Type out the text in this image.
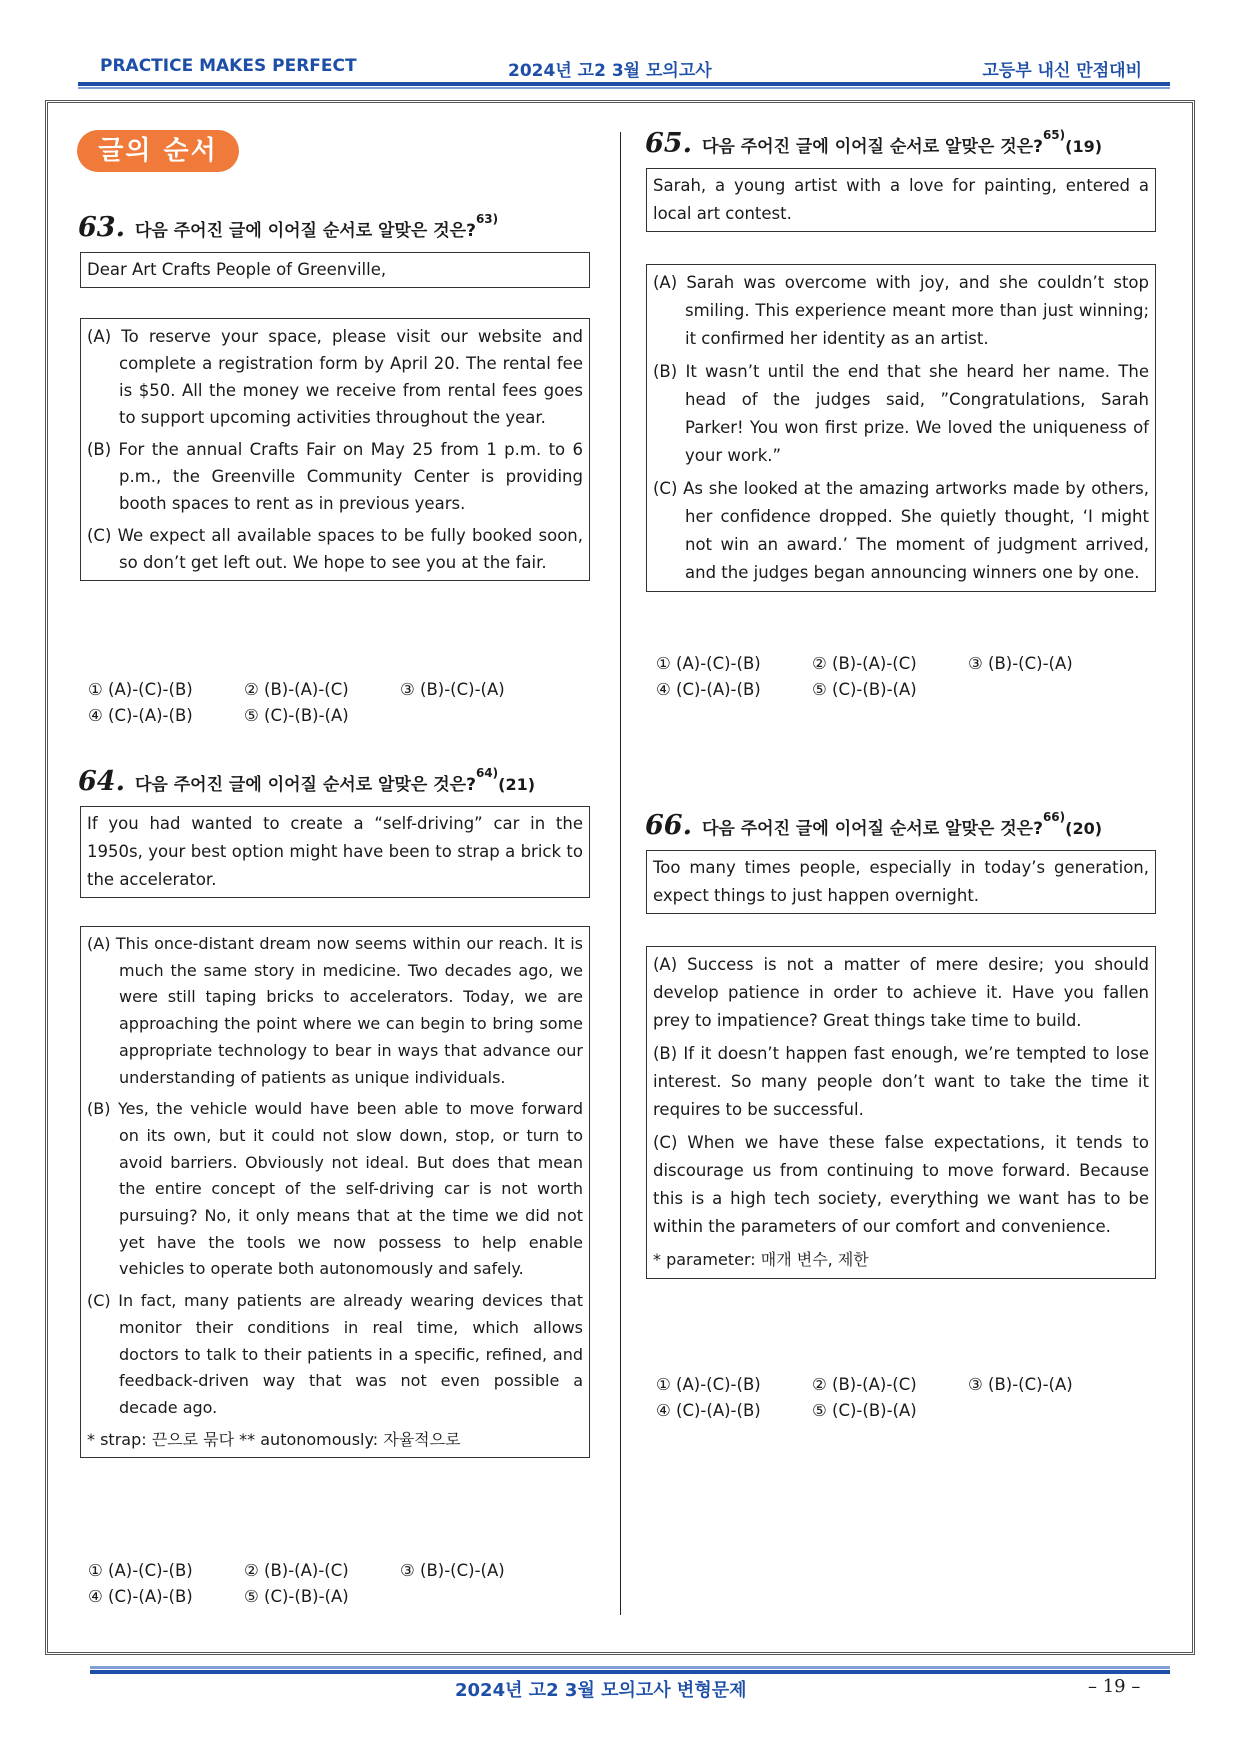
PRACTICE MAKES PERFECT	2024년 고2 3월 모의고사	고등부 내신 만점대비
글의 순서
63. 다음 주어진 글에 이어질 순서로 알맞은 것은?$^{63)}$
Dear Art Crafts People of Greenville,
(A) To reserve your space, please visit our website and complete a registration form by April 20. The rental fee is $50. All the money we receive from rental fees goes to support upcoming activities throughout the year.
(B) For the annual Crafts Fair on May 25 from 1 p.m. to 6 p.m., the Greenville Community Center is providing booth spaces to rent as in previous years.
(C) We expect all available spaces to be fully booked soon, so don’t get left out. We hope to see you at the fair.
① (A)-(C)-(B)	② (B)-(A)-(C)	③ (B)-(C)-(A)
④ (C)-(A)-(B)	⑤ (C)-(B)-(A)
64. 다음 주어진 글에 이어질 순서로 알맞은 것은?$^{64)}$(21)
If you had wanted to create a “self-driving” car in the 1950s, your best option might have been to strap a brick to the accelerator.
(A) This once-distant dream now seems within our reach. It is much the same story in medicine. Two decades ago, we were still taping bricks to accelerators. Today, we are approaching the point where we can begin to bring some appropriate technology to bear in ways that advance our understanding of patients as unique individuals.
(B) Yes, the vehicle would have been able to move forward on its own, but it could not slow down, stop, or turn to avoid barriers. Obviously not ideal. But does that mean the entire concept of the self-driving car is not worth pursuing? No, it only means that at the time we did not yet have the tools we now possess to help enable vehicles to operate both autonomously and safely.
(C) In fact, many patients are already wearing devices that monitor their conditions in real time, which allows doctors to talk to their patients in a specific, refined, and feedback-driven way that was not even possible a decade ago.
* strap: 끈으로 묶다 ** autonomously: 자율적으로
① (A)-(C)-(B)	② (B)-(A)-(C)	③ (B)-(C)-(A)
④ (C)-(A)-(B)	⑤ (C)-(B)-(A)
65. 다음 주어진 글에 이어질 순서로 알맞은 것은?$^{65)}$(19)
Sarah, a young artist with a love for painting, entered a local art contest.
(A) Sarah was overcome with joy, and she couldn’t stop smiling. This experience meant more than just winning; it confirmed her identity as an artist.
(B) It wasn’t until the end that she heard her name. The head of the judges said, ”Congratulations, Sarah Parker! You won first prize. We loved the uniqueness of your work.”
(C) As she looked at the amazing artworks made by others, her confidence dropped. She quietly thought, ‘I might not win an award.’ The moment of judgment arrived, and the judges began announcing winners one by one.
① (A)-(C)-(B)	② (B)-(A)-(C)	③ (B)-(C)-(A)
④ (C)-(A)-(B)	⑤ (C)-(B)-(A)
66. 다음 주어진 글에 이어질 순서로 알맞은 것은?$^{66)}$(20)
Too many times people, especially in today’s generation, expect things to just happen overnight.
(A) Success is not a matter of mere desire; you should develop patience in order to achieve it. Have you fallen prey to impatience? Great things take time to build.
(B) If it doesn’t happen fast enough, we’re tempted to lose interest. So many people don’t want to take the time it requires to be successful.
(C) When we have these false expectations, it tends to discourage us from continuing to move forward. Because this is a high tech society, everything we want has to be within the parameters of our comfort and convenience.
* parameter: 매개 변수, 제한
① (A)-(C)-(B)	② (B)-(A)-(C)	③ (B)-(C)-(A)
④ (C)-(A)-(B)	⑤ (C)-(B)-(A)
2024년 고2 3월 모의고사 변형문제	– 19 –
